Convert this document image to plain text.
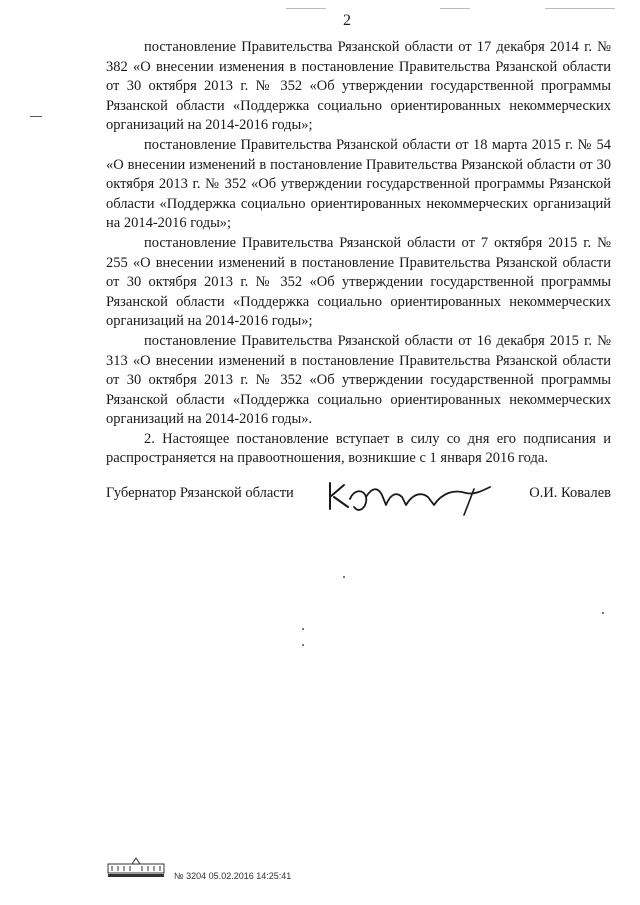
2

постановление Правительства Рязанской области от 17 декабря 2014 г. № 382 «О внесении изменения в постановление Правительства Рязанской области от 30 октября 2013 г. № 352 «Об утверждении государственной программы Рязанской области «Поддержка социально ориентированных некоммерческих организаций на 2014-2016 годы»;

постановление Правительства Рязанской области от 18 марта 2015 г. № 54 «О внесении изменений в постановление Правительства Рязанской области от 30 октября 2013 г. № 352 «Об утверждении государственной программы Рязанской области «Поддержка социально ориентированных некоммерческих организаций на 2014-2016 годы»;

постановление Правительства Рязанской области от 7 октября 2015 г. № 255 «О внесении изменений в постановление Правительства Рязанской области от 30 октября 2013 г. № 352 «Об утверждении государственной программы Рязанской области «Поддержка социально ориентированных некоммерческих организаций на 2014-2016 годы»;

постановление Правительства Рязанской области от 16 декабря 2015 г. № 313 «О внесении изменений в постановление Правительства Рязанской области от 30 октября 2013 г. № 352 «Об утверждении государственной программы Рязанской области «Поддержка социально ориентированных некоммерческих организаций на 2014-2016 годы».

2. Настоящее постановление вступает в силу со дня его подписания и распространяется на правоотношения, возникшие с 1 января 2016 года.

Губернатор Рязанской области	О.И. Ковалев
№ 3204 05.02.2016 14:25:41
